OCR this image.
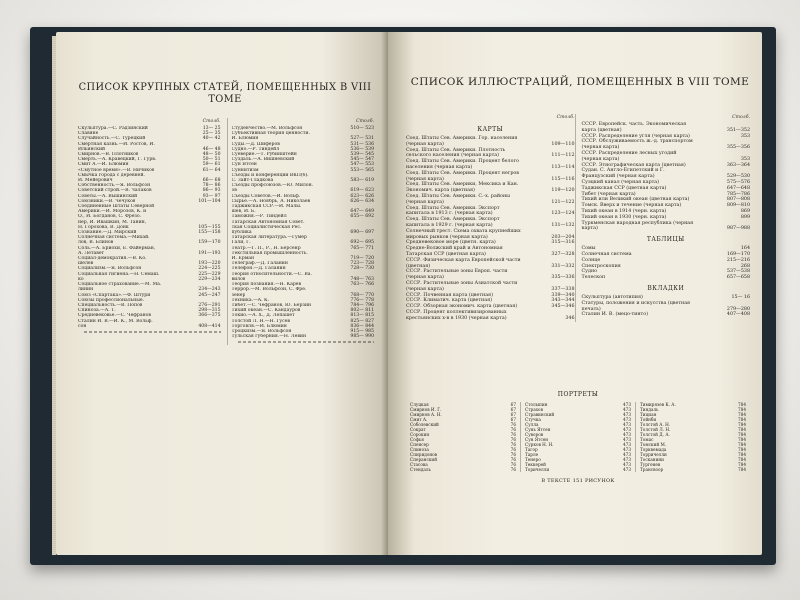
СПИСОК КРУПНЫХ СТАТЕЙ, ПОМЕЩЕННЫХ В VIII ТОМЕ
Столб.
Скульптура.—С. Радзинский	13— 25
Славяне	25— 35
Случайность.—С. Турецкий	40— 42
Смертная казнь.—И. Ростов, И.
Ильинский	46— 48
Смирнов.—В. Плотников	48— 50
Смерть.—А. Кравецкий, Г. Гурв.	50— 51
Смит А.—И. Блюмин	59— 61
«Смутное время».—В. Ничиков	61— 64
Смычка города с деревней.
И. Мейерович	66— 68
Собственность.—Я. Вольфсон	78— 86
Советский строй.—В. Чалаков	86— 93
Советы.—А. Вышинский	93— 97
Союзники.—В. Чечуков	101—104
Соединенные Штаты Северной
Америки.—И. Морозов, К. и
О., И. Богданов, С. Фрезо.
нер, И. Ивашкин, М. Танин,
Н. Горохова, В. Донк	105—155
Сознание.—Д. Мирский	155—158
Солнечная система.—Михай.
лов, В. Блинов	159—170
Соль.—А. Бриохи, Е. Файерман,
А. Летавет	191—193
Социал-демократия.—В. Ко.
шелев	193—220
Социализм.—Я. Вольфсон	224—225
Социальная гигиена.—Н. Семаш.	225—229
ко	229—234
Социальное страхование.—М. Ма.
линин	234—243
Союз «Спартака».—Ф. Штури	245—247
Союзы профессиональные.
Специальность.—В. Попов	276—291
Спиноза.—А. Т.	298—315
Средневековье.—С. Чефранов	366—375
Сталин И. В.—И. К., М. Вольф.
сон	408—414
Столб.
Студенчество.—М. Вольфсон	510— 523
Субъективная теория ценности.
И. Блюмин	527— 531
Суды.—Д. Шиферов	531— 536
Судно.—Р. Тиндейл	536— 539
Суеверие.—Т. Рубинштейн	539— 545
Суздаль.—А. Вишневский	545— 547
Сун Ятсен	547— 553
Суннитизм	553— 565
Съезды и конференции ВКП(б).
С. Зайт-Гладкова	583— 619
Съезды профсоюзов.—Ю. Милон.
ов	619— 623
Съезды Советов.—И. Вольф.	623— 626
Сырье.—А. Ноябрь, А. Николаев	626— 634
Таджикская ССР.—И. Малы.
шев, И. Б.	647— 649
Таможня.—Р. Тиндейл	655— 692
Татарская Автономная Совет.
ская Социалистическая Рес.
публика	690— 697
Татарская литература.—Гумер
Гали, Г.	692— 695
Театр.—Г. П., Р., Н. Берсенр	765— 771
Текстильная промышленность.
И. Ерман	719— 720
Телеграф.—Д. Галанин	723— 728
Телефон.—Д. Галанин	728— 730
Теория относительности.—С. Ва.
вилов	748— 763
Теория познания.—Н. Карев	763— 766
Террор.—М. Вольфсон, С. Фре.
зенер	768— 770
Техника.—А. К.	776— 778
Тибет.—С. Чефранов, Ю. Берзин	784— 796
Тихий океан.—С. Кандауров	802— 811
Токио.—А. Х., Д. Лепашет	813— 815
Толстой Л. Н.—Н. Гусев	825— 827
Торговля.—И. Блюмин	836— 844
Троцкизм.—Я. Вольфсон	915— 985
Тульская губерния.—Н. Левин	985— 990
СПИСОК ИЛЛЮСТРАЦИЙ, ПОМЕЩЕННЫХ В VIII ТОМЕ
Столб.
КАРТЫ
Соед. Штаты Сев. Америки. Гор. населения (черная карта)	109—110
Соед. Штаты Сев. Америки. Плотность сельского населения (черная карта)	111—112
Соед. Штаты Сев. Америки. Процент белого населения (черная карта)	113—114
Соед. Штаты Сев. Америки. Процент негров (черная карта)	115—116
Соед. Штаты Сев. Америки, Мексика и Кан. Экономич. карта (цветная)	119—120
Соед. Штаты Сев. Америки. С.-х. районы (черная карта)	121—122
Соед. Штаты Сев. Америки. Экспорт капитала в 1913 г. (черная карта)	123—124
Соед. Штаты Сев. Америки. Экспорт капитала в 1929 г. (черная карта)	131—132
Солнечный трест. Схема охвата крупнейших мировых рынков (черная карта)	203—204
Средневековое море (цветн. карта)	315—316
Средне-Волжский край и Автономная Татарская ССР (цветная карта)	327—328
СССР. Физическая карта Европейской части (цветная)	331—332
СССР. Растительные зоны Европ. части (черная карта)	335—336
СССР. Растительные зоны Азиатской части (черная карта)	337—338
СССР. Почвенная карта (цветная)	339—340
СССР. Климатич. карта (цветная)	343—344
СССР. Обзорная экономич. карта (цветная)	345—346
СССР. Процент коллективизированных крестьянских х-в в 1930 (черная карта)	346
Столб.
СССР. Европейск. часть. Экономическая карта (цветная)	351—352
СССР. Распределение угля (черная карта)	353
СССР. Обслуживаемость ж.-д. транспортом (черная карта)	355—356
СССР. Распределение лесных угодий (черная карта)	353
СССР. Этнографическая карта (цветная)	363—364
Судан. С. Англо-Египетский и Г. Французский (черная карта)	529—530
Суэцкий канал (черная карта)	575—576
Таджикская ССР (цветная карта)	647—648
Тибет (черная карта)	785—786
Тихий или Великий океан (цветная карта)	807—808
Томск. Вверх и течение (черная карта)	809—810
Тихий океан в 1914 (черн. карта)	869
Тихий океан в 1930 (черн. карта)	899
Туркменская народная республика (черная карта)	987—988
ТАБЛИЦЫ
Сомы	164
Солнечная система	169—170
Солнце	215—216
Спектроскопия	268
Судно	537—538
Телескоп	657—658
ВКЛАДКИ
Скульптура (автотипия)	15— 16
Статуры, положения и искусства (цветная печать)	279—280
Сталин И. В. (мецо-тинто)	407—408
ПОРТРЕТЫ
Слуцкая	67
Смирнов И. Г.	67
Смирнов А. Н.	67
Смит А.	67
Соболевский	76
Сократ	76
Сорокин	76
Софья	76
Спенсер	76
Спиноза	76
Спиридонов	76
Сперанский	76
Стасова	76
Стендаль	76
Столыпин	473
Страхов	473
Стравинский	473
Стучка	473
Сулла	473
Сунь Ятсен	473
Суворов	473
Сун Ятсен	473
Сурков Н. Н.	473
Тагор	473
Тарле	473
Тенеро	473
Теккерей	473
Торичелли	473
Тимирязев К. А.	784
Тиндаль	784
Тициан	784
Тойнби	784
Толстой А. Н.	784
Толстой Л. Н.	784
Толстой Д. А.	784
Томас	784
Томский М.	784
Торквемада	784
Торричелли	784
Тосканини	784
Тургенев	784
Трансвоор	784
В ТЕКСТЕ 151 РИСУНОК
